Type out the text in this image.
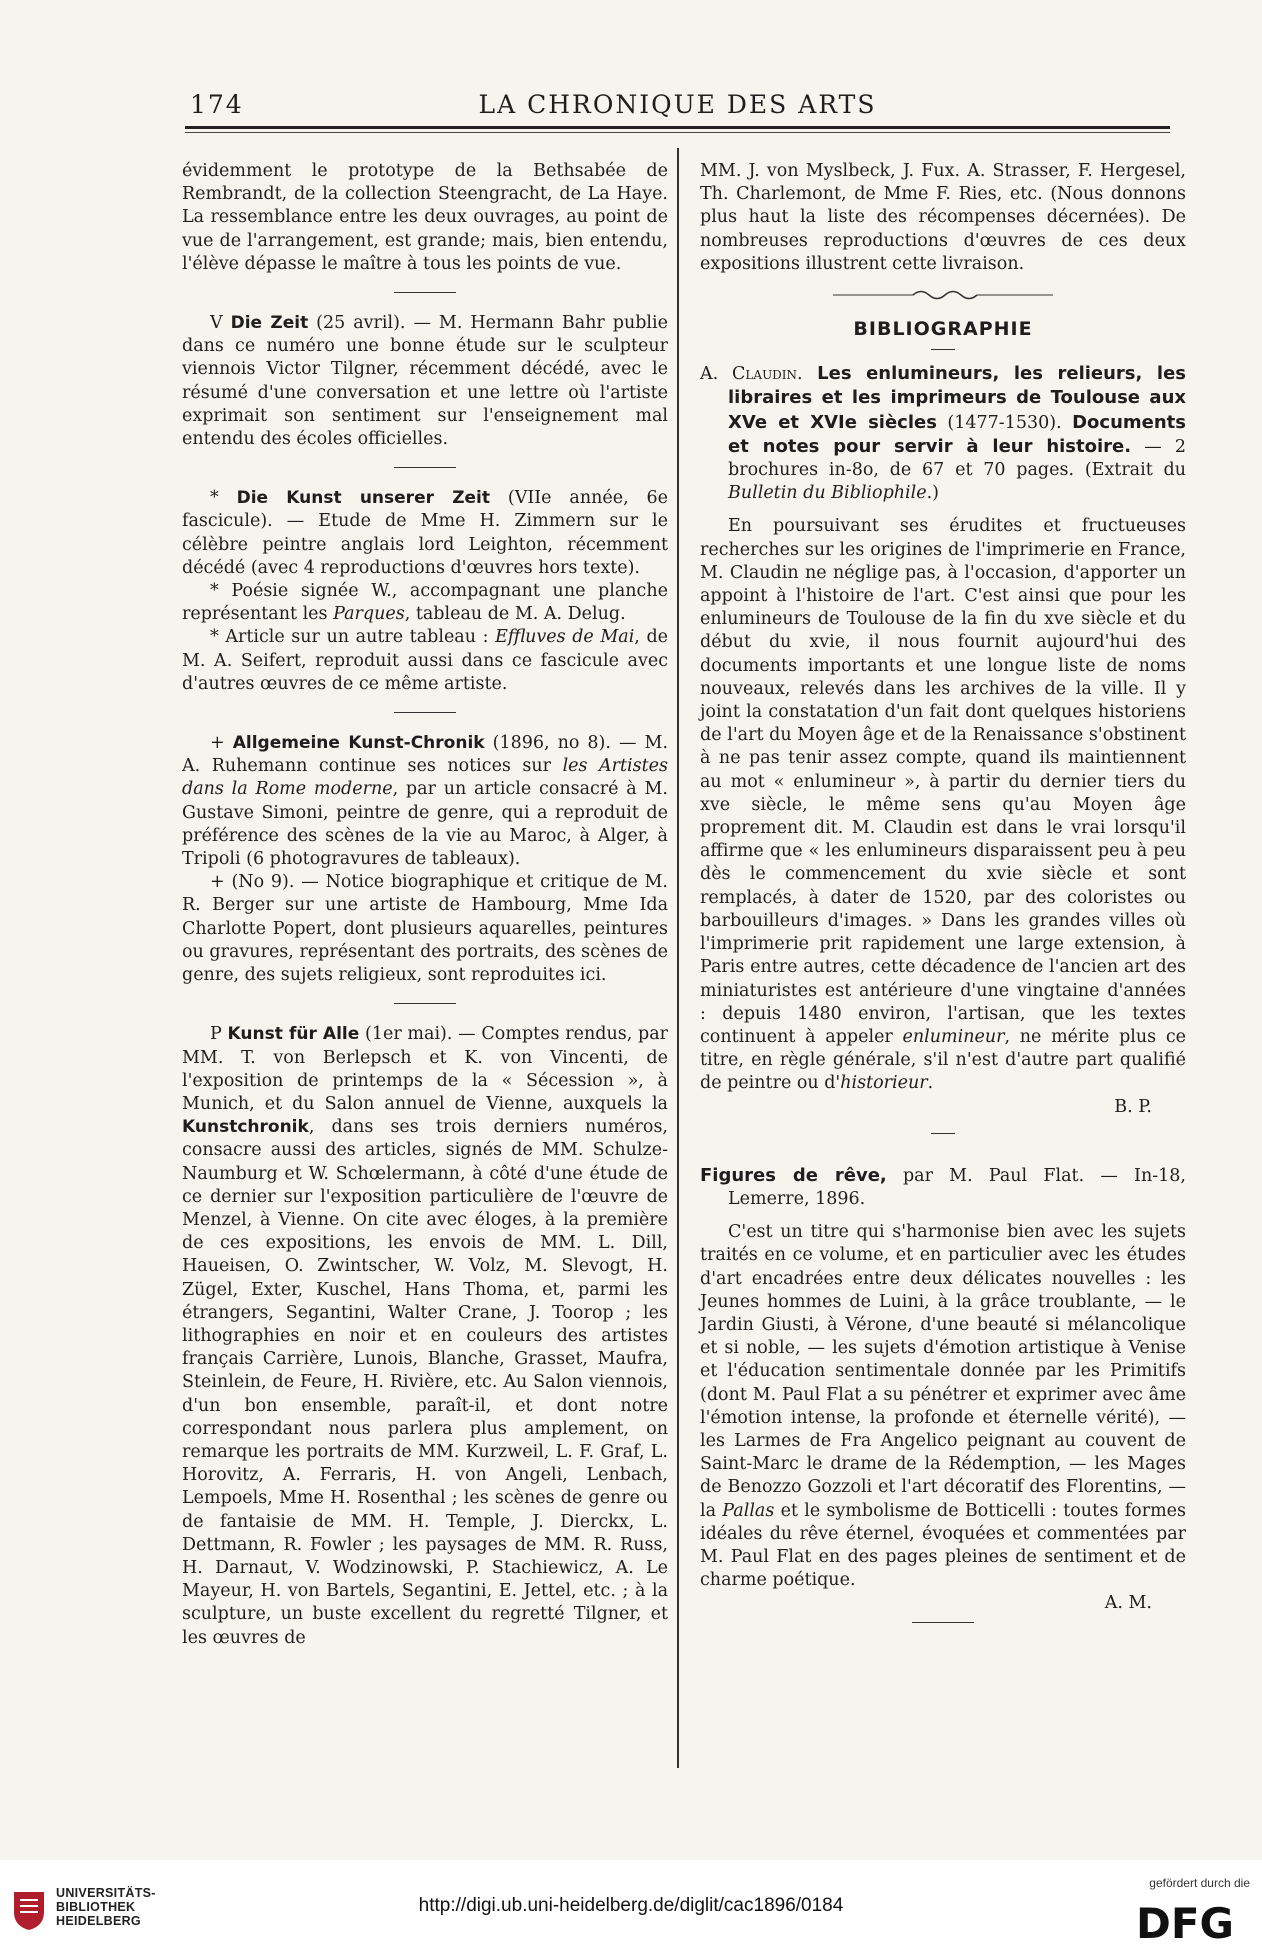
174	LA CHRONIQUE DES ARTS

évidemment le prototype de la Bethsabée de Rembrandt, de la collection Steengracht, de La Haye. La ressemblance entre les deux ouvrages, au point de vue de l'arrangement, est grande; mais, bien entendu, l'élève dépasse le maître à tous les points de vue.

V Die Zeit (25 avril). — M. Hermann Bahr publie dans ce numéro une bonne étude sur le sculpteur viennois Victor Tilgner, récemment décédé, avec le résumé d'une conversation et une lettre où l'artiste exprimait son sentiment sur l'enseignement mal entendu des écoles officielles.

* Die Kunst unserer Zeit (VIIe année, 6e fascicule). — Etude de Mme H. Zimmern sur le célèbre peintre anglais lord Leighton, récemment décédé (avec 4 reproductions d'œuvres hors texte).

* Poésie signée W., accompagnant une planche représentant les Parques, tableau de M. A. Delug.

* Article sur un autre tableau : Effluves de Mai, de M. A. Seifert, reproduit aussi dans ce fascicule avec d'autres œuvres de ce même artiste.

+ Allgemeine Kunst-Chronik (1896, no 8). — M. A. Ruhemann continue ses notices sur les Artistes dans la Rome moderne, par un article consacré à M. Gustave Simoni, peintre de genre, qui a reproduit de préférence des scènes de la vie au Maroc, à Alger, à Tripoli (6 photogravures de tableaux).

+ (No 9). — Notice biographique et critique de M. R. Berger sur une artiste de Hambourg, Mme Ida Charlotte Popert, dont plusieurs aquarelles, peintures ou gravures, représentant des portraits, des scènes de genre, des sujets religieux, sont reproduites ici.

P Kunst für Alle (1er mai). — Comptes rendus, par MM. T. von Berlepsch et K. von Vincenti, de l'exposition de printemps de la « Sécession », à Munich, et du Salon annuel de Vienne, auxquels la Kunstchronik, dans ses trois derniers numéros, consacre aussi des articles, signés de MM. Schulze-Naumburg et W. Schœlermann, à côté d'une étude de ce dernier sur l'exposition particulière de l'œuvre de Menzel, à Vienne. On cite avec éloges, à la première de ces expositions, les envois de MM. L. Dill, Haueisen, O. Zwintscher, W. Volz, M. Slevogt, H. Zügel, Exter, Kuschel, Hans Thoma, et, parmi les étrangers, Segantini, Walter Crane, J. Toorop ; les lithographies en noir et en couleurs des artistes français Carrière, Lunois, Blanche, Grasset, Maufra, Steinlein, de Feure, H. Rivière, etc. Au Salon viennois, d'un bon ensemble, paraît-il, et dont notre correspondant nous parlera plus amplement, on remarque les portraits de MM. Kurzweil, L. F. Graf, L. Horovitz, A. Ferraris, H. von Angeli, Lenbach, Lempoels, Mme H. Rosenthal ; les scènes de genre ou de fantaisie de MM. H. Temple, J. Dierckx, L. Dettmann, R. Fowler ; les paysages de MM. R. Russ, H. Darnaut, V. Wodzinowski, P. Stachiewicz, A. Le Mayeur, H. von Bartels, Segantini, E. Jettel, etc. ; à la sculpture, un buste excellent du regretté Tilgner, et les œuvres de

MM. J. von Myslbeck, J. Fux. A. Strasser, F. Hergesel, Th. Charlemont, de Mme F. Ries, etc. (Nous donnons plus haut la liste des récompenses décernées). De nombreuses reproductions d'œuvres de ces deux expositions illustrent cette livraison.

BIBLIOGRAPHIE

A. Claudin. Les enlumineurs, les relieurs, les libraires et les imprimeurs de Toulouse aux XVe et XVIe siècles (1477-1530). Documents et notes pour servir à leur histoire. — 2 brochures in-8o, de 67 et 70 pages. (Extrait du Bulletin du Bibliophile.)

En poursuivant ses érudites et fructueuses recherches sur les origines de l'imprimerie en France, M. Claudin ne néglige pas, à l'occasion, d'apporter un appoint à l'histoire de l'art. C'est ainsi que pour les enlumineurs de Toulouse de la fin du xve siècle et du début du xvie, il nous fournit aujourd'hui des documents importants et une longue liste de noms nouveaux, relevés dans les archives de la ville. Il y joint la constatation d'un fait dont quelques historiens de l'art du Moyen âge et de la Renaissance s'obstinent à ne pas tenir assez compte, quand ils maintiennent au mot « enlumineur », à partir du dernier tiers du xve siècle, le même sens qu'au Moyen âge proprement dit. M. Claudin est dans le vrai lorsqu'il affirme que « les enlumineurs disparaissent peu à peu dès le commencement du xvie siècle et sont remplacés, à dater de 1520, par des coloristes ou barbouilleurs d'images. » Dans les grandes villes où l'imprimerie prit rapidement une large extension, à Paris entre autres, cette décadence de l'ancien art des miniaturistes est antérieure d'une vingtaine d'années : depuis 1480 environ, l'artisan, que les textes continuent à appeler enlumineur, ne mérite plus ce titre, en règle générale, s'il n'est d'autre part qualifié de peintre ou d'historieur.

B. P.

Figures de rêve, par M. Paul Flat. — In-18, Lemerre, 1896.

C'est un titre qui s'harmonise bien avec les sujets traités en ce volume, et en particulier avec les études d'art encadrées entre deux délicates nouvelles : les Jeunes hommes de Luini, à la grâce troublante, — le Jardin Giusti, à Vérone, d'une beauté si mélancolique et si noble, — les sujets d'émotion artistique à Venise et l'éducation sentimentale donnée par les Primitifs (dont M. Paul Flat a su pénétrer et exprimer avec âme l'émotion intense, la profonde et éternelle vérité), — les Larmes de Fra Angelico peignant au couvent de Saint-Marc le drame de la Rédemption, — les Mages de Benozzo Gozzoli et l'art décoratif des Florentins, — la Pallas et le symbolisme de Botticelli : toutes formes idéales du rêve éternel, évoquées et commentées par M. Paul Flat en des pages pleines de sentiment et de charme poétique.

A. M.

UNIVERSITÄTS-
BIBLIOTHEK
HEIDELBERG
http://digi.ub.uni-heidelberg.de/diglit/cac1896/0184
gefördert durch die
DFG
